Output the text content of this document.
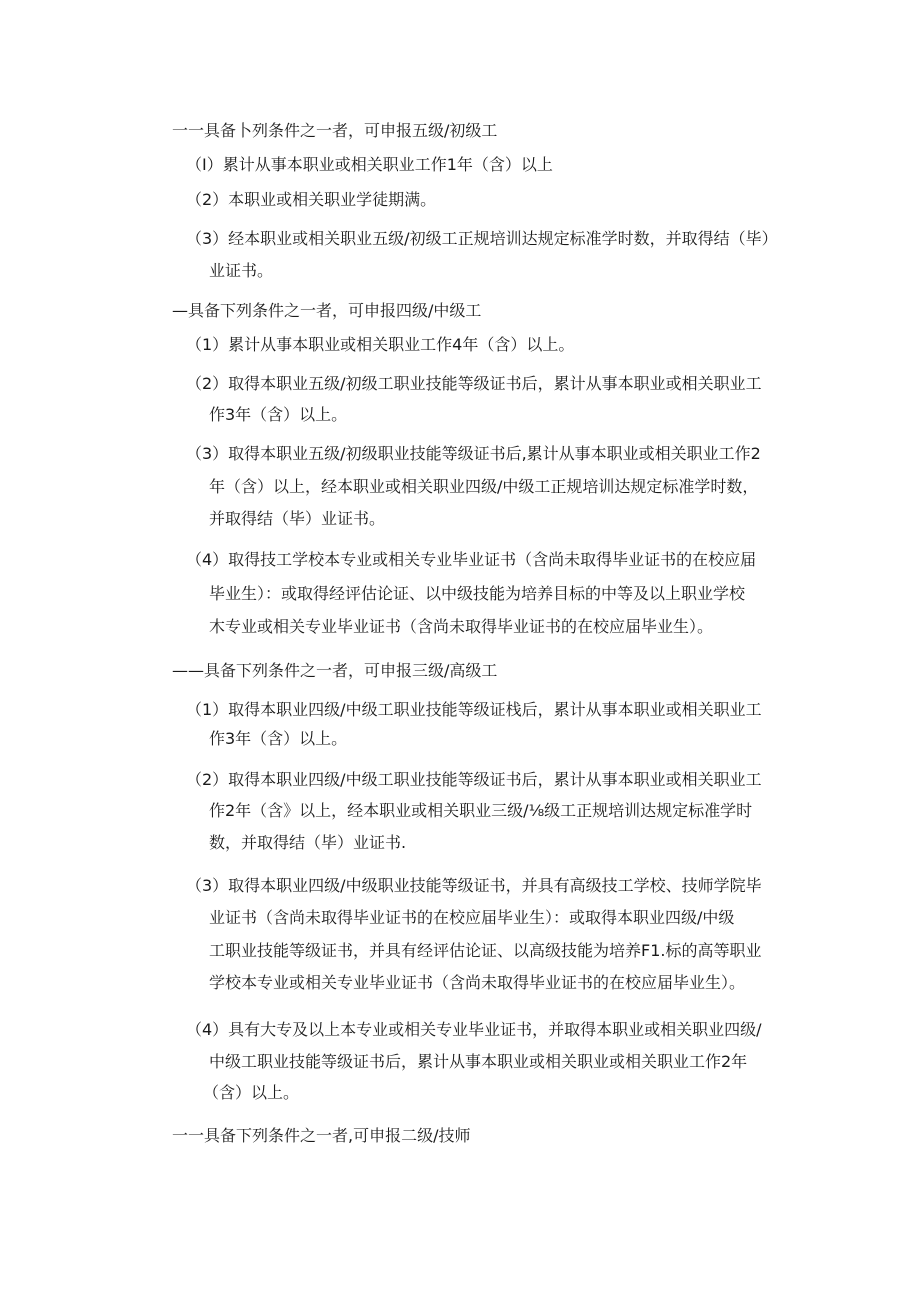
一一具备卜列条件之一者，可申报五级/初级工
（I）累计从事本职业或相关职业工作1年（含）以上
（2）本职业或相关职业学徒期满。
（3）经本职业或相关职业五级/初级工正规培训达规定标准学时数，并取得结（毕）
业证书。
—具备下列条件之一者，可申报四级/中级工
（1）累计从事本职业或相关职业工作4年（含）以上。
（2）取得本职业五级/初级工职业技能等级证书后，累计从事本职业或相关职业工
作3年（含）以上。
（3）取得本职业五级/初级职业技能等级证书后,累计从事本职业或相关职业工作2
年（含）以上，经本职业或相关职业四级/中级工正规培训达规定标准学时数，
并取得结（毕）业证书。
（4）取得技工学校本专业或相关专业毕业证书（含尚未取得毕业证书的在校应届
毕业生）：或取得经评估论证、以中级技能为培养目标的中等及以上职业学校
木专业或相关专业毕业证书（含尚未取得毕业证书的在校应届毕业生）。
——具备下列条件之一者，可申报三级/高级工
（1）取得本职业四级/中级工职业技能等级证栈后，累计从事本职业或相关职业工
作3年（含）以上。
（2）取得本职业四级/中级工职业技能等级证书后，累计从事本职业或相关职业工
作2年（含》以上，经本职业或相关职业三级/⅛级工正规培训达规定标准学时
数，并取得结（毕）业证书.
（3）取得本职业四级/中级职业技能等级证书，并具有高级技工学校、技师学院毕
业证书（含尚未取得毕业证书的在校应届毕业生）：或取得本职业四级/中级
工职业技能等级证书，并具有经评估论证、以高级技能为培养F1.标的高等职业
学校本专业或相关专业毕业证书（含尚未取得毕业证书的在校应届毕业生）。
（4）具有大专及以上本专业或相关专业毕业证书，并取得本职业或相关职业四级/
中级工职业技能等级证书后，累计从事本职业或相关职业或相关职业工作2年
（含）以上。
一一具备下列条件之一者,可申报二级/技师
